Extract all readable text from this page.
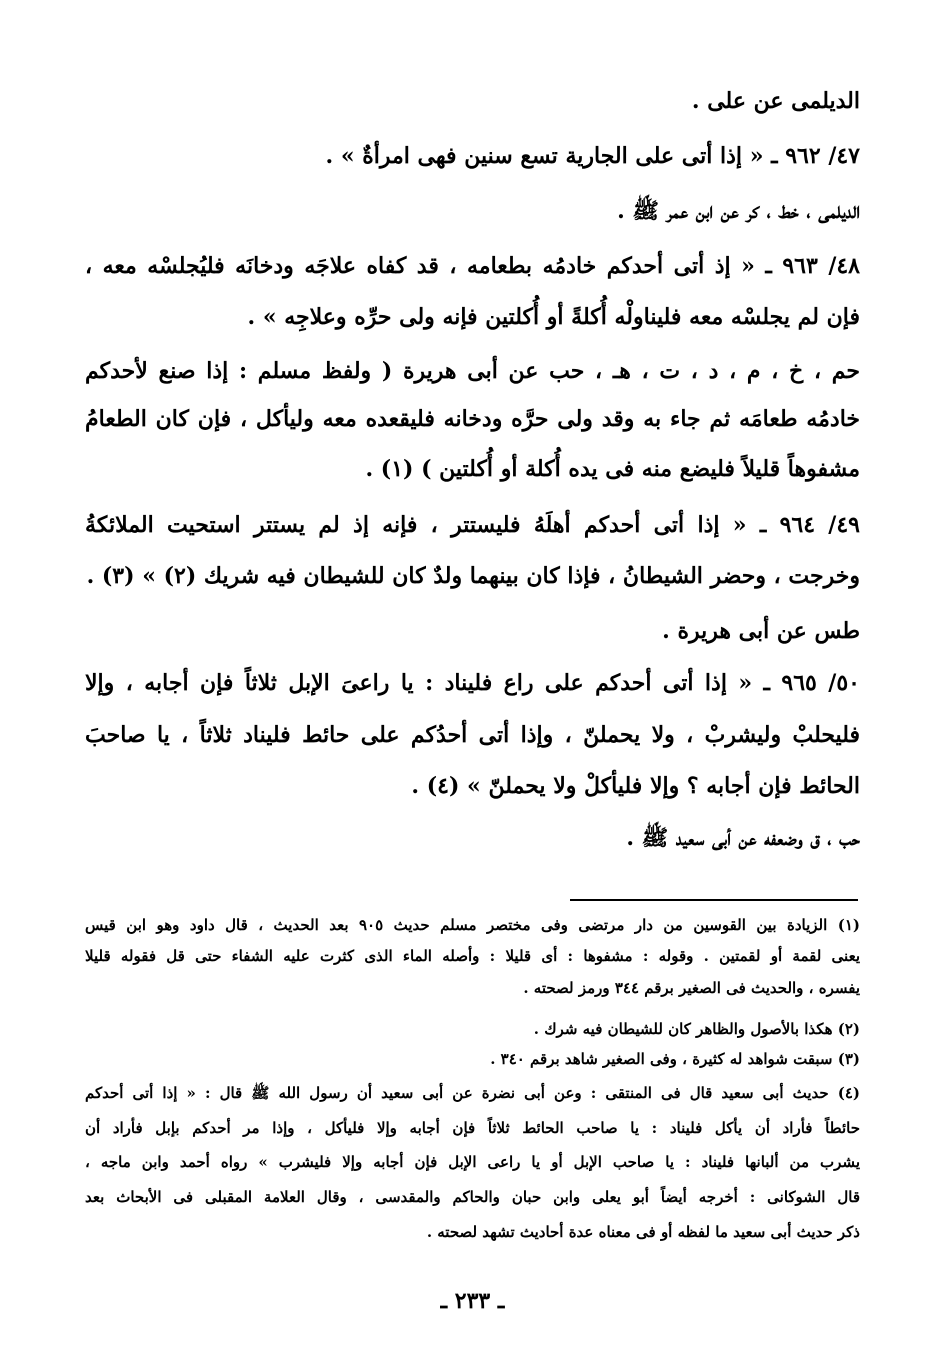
الديلمى عن على .
٤٧/ ٩٦٢ ـ « إذا أتى على الجارية تسع سنين فهى امرأةٌ » .
الديلمى ، خط ، كر عن ابن عمر ﷺ .
٤٨/ ٩٦٣ ـ « إذ أتى أحدكم خادمُه بطعامه ، قد كفاه علاجَه ودخانَه فليُجلسْه معه ،
فإن لم يجلسْه معه فليناولْه أُكلةً أو أُكلتين فإنه ولى حرِّه وعلاجِه » .
حم ، خ ، م ، د ، ت ، هـ ، حب عن أبى هريرة ( ولفظ مسلم : إذا صنع لأحدكم
خادمُه طعامَه ثم جاء به وقد ولى حرَّه ودخانه فليقعده معه وليأكل ، فإن كان الطعامُ
مشفوهاً قليلاً فليضع منه فى يده أُكلة أو أُكلتين ) (١) .
٤٩/ ٩٦٤ ـ « إذا أتى أحدكم أهلَهُ فليستتر ، فإنه إذ لم يستتر استحيت الملائكةُ
وخرجت ، وحضر الشيطانُ ، فإذا كان بينهما ولدٌ كان للشيطان فيه شريك (٢) » (٣) .
طس عن أبى هريرة .
٥٠/ ٩٦٥ ـ « إذا أتى أحدكم على راع فليناد : يا راعىَ الإبل ثلاثاً فإن أجابه ، وإلا
فليحلبْ وليشربْ ، ولا يحملنّ ، وإذا أتى أحدُكم على حائط فليناد ثلاثاً ، يا صاحبَ
الحائط فإن أجابه ؟ وإلا فليأكلْ ولا يحملنّ » (٤) .
حب ، ق وضعفه عن أبى سعيد ﷺ .
(١) الزيادة بين القوسين من دار مرتضى وفى مختصر مسلم حديث ٩٠٥ بعد الحديث ، قال داود وهو ابن قيس
يعنى لقمة أو لقمتين . وقوله : مشفوها : أى قليلا : وأصله الماء الذى كثرت عليه الشفاء حتى قل فقوله قليلا
يفسره ، والحديث فى الصغير برقم ٣٤٤ ورمز لصحته .
(٢) هكذا بالأصول والظاهر كان للشيطان فيه شرك .
(٣) سبقت شواهد له كثيرة ، وفى الصغير شاهد برقم ٣٤٠ .
(٤) حديث أبى سعيد قال فى المنتقى : وعن أبى نضرة عن أبى سعيد أن رسول الله ﷺ قال : « إذا أتى أحدكم
حائطاً فأراد أن يأكل فليناد : يا صاحب الحائط ثلاثاً فإن أجابه وإلا فليأكل ، وإذا مر أحدكم بإبل فأراد أن
يشرب من ألبانها فليناد : يا صاحب الإبل أو يا راعى الإبل فإن أجابه وإلا فليشرب » رواه أحمد وابن ماجه ،
قال الشوكانى : أخرجه أيضاً أبو يعلى وابن حبان والحاكم والمقدسى ، وقال العلامة المقبلى فى الأبحاث بعد
ذكر حديث أبى سعيد ما لفظه أو فى معناه عدة أحاديث تشهد لصحته .
ـ ٢٣٣ ـ
